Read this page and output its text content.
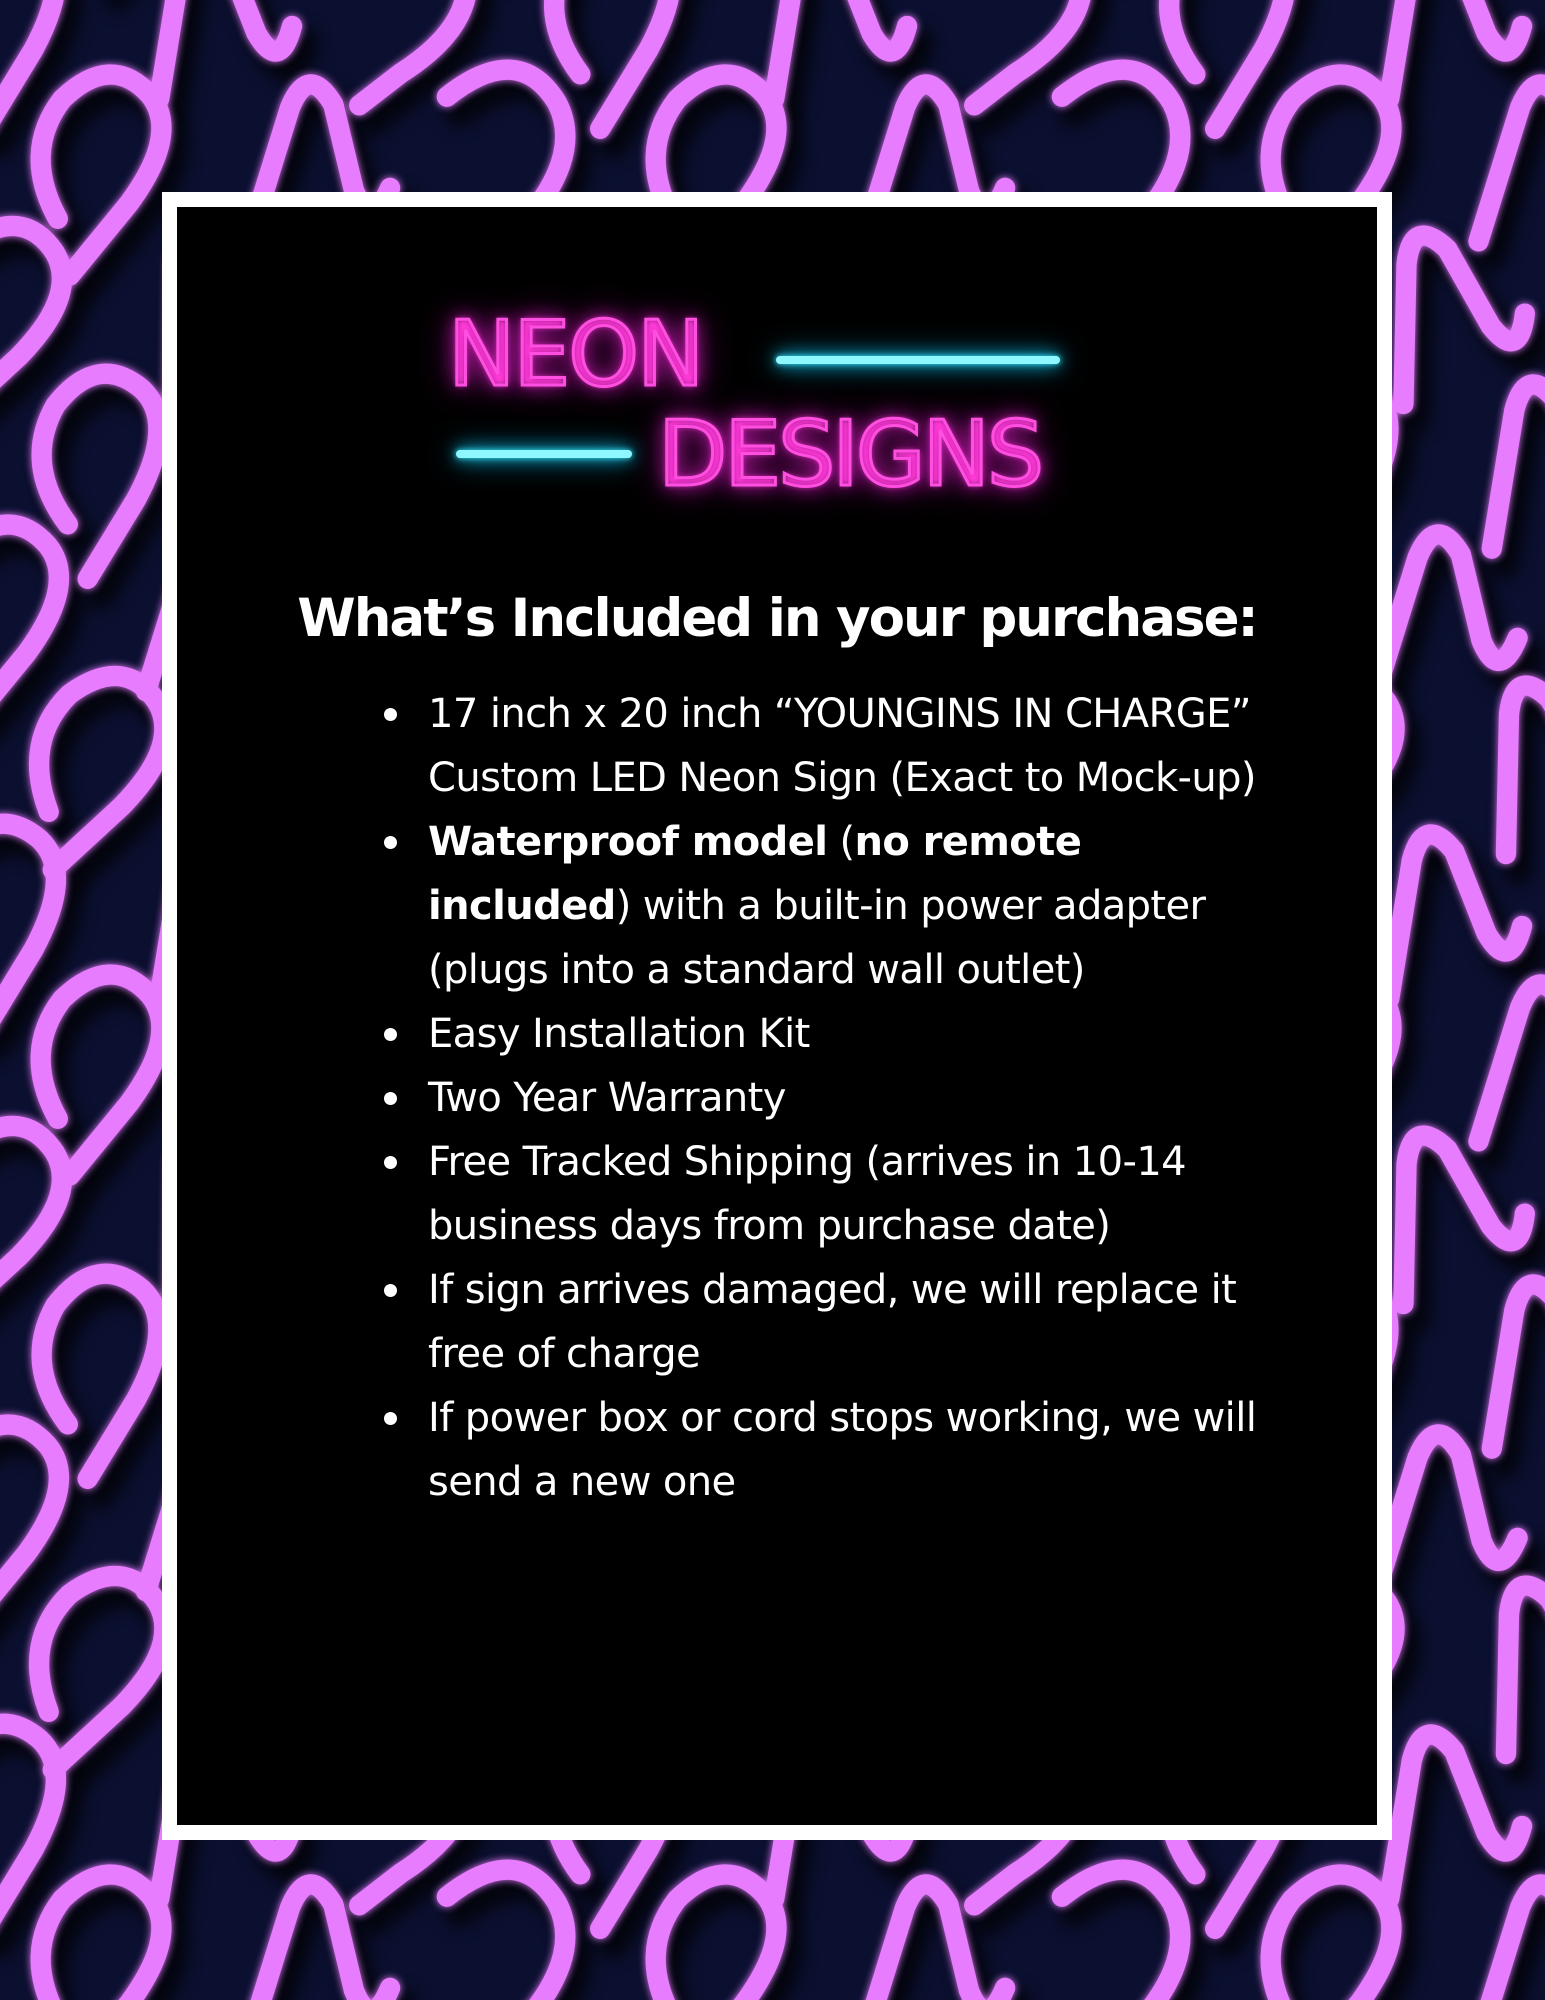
NEON
DESIGNS
What’s Included in your purchase:
17 inch x 20 inch “YOUNGINS IN CHARGE” Custom LED Neon Sign (Exact to Mock-up)
Waterproof model (no remote included) with a built-in power adapter
(plugs into a standard wall outlet)
Easy Installation Kit
Two Year Warranty
Free Tracked Shipping (arrives in 10-14 business days from purchase date)
If sign arrives damaged, we will replace it free of charge
If power box or cord stops working, we will send a new one
